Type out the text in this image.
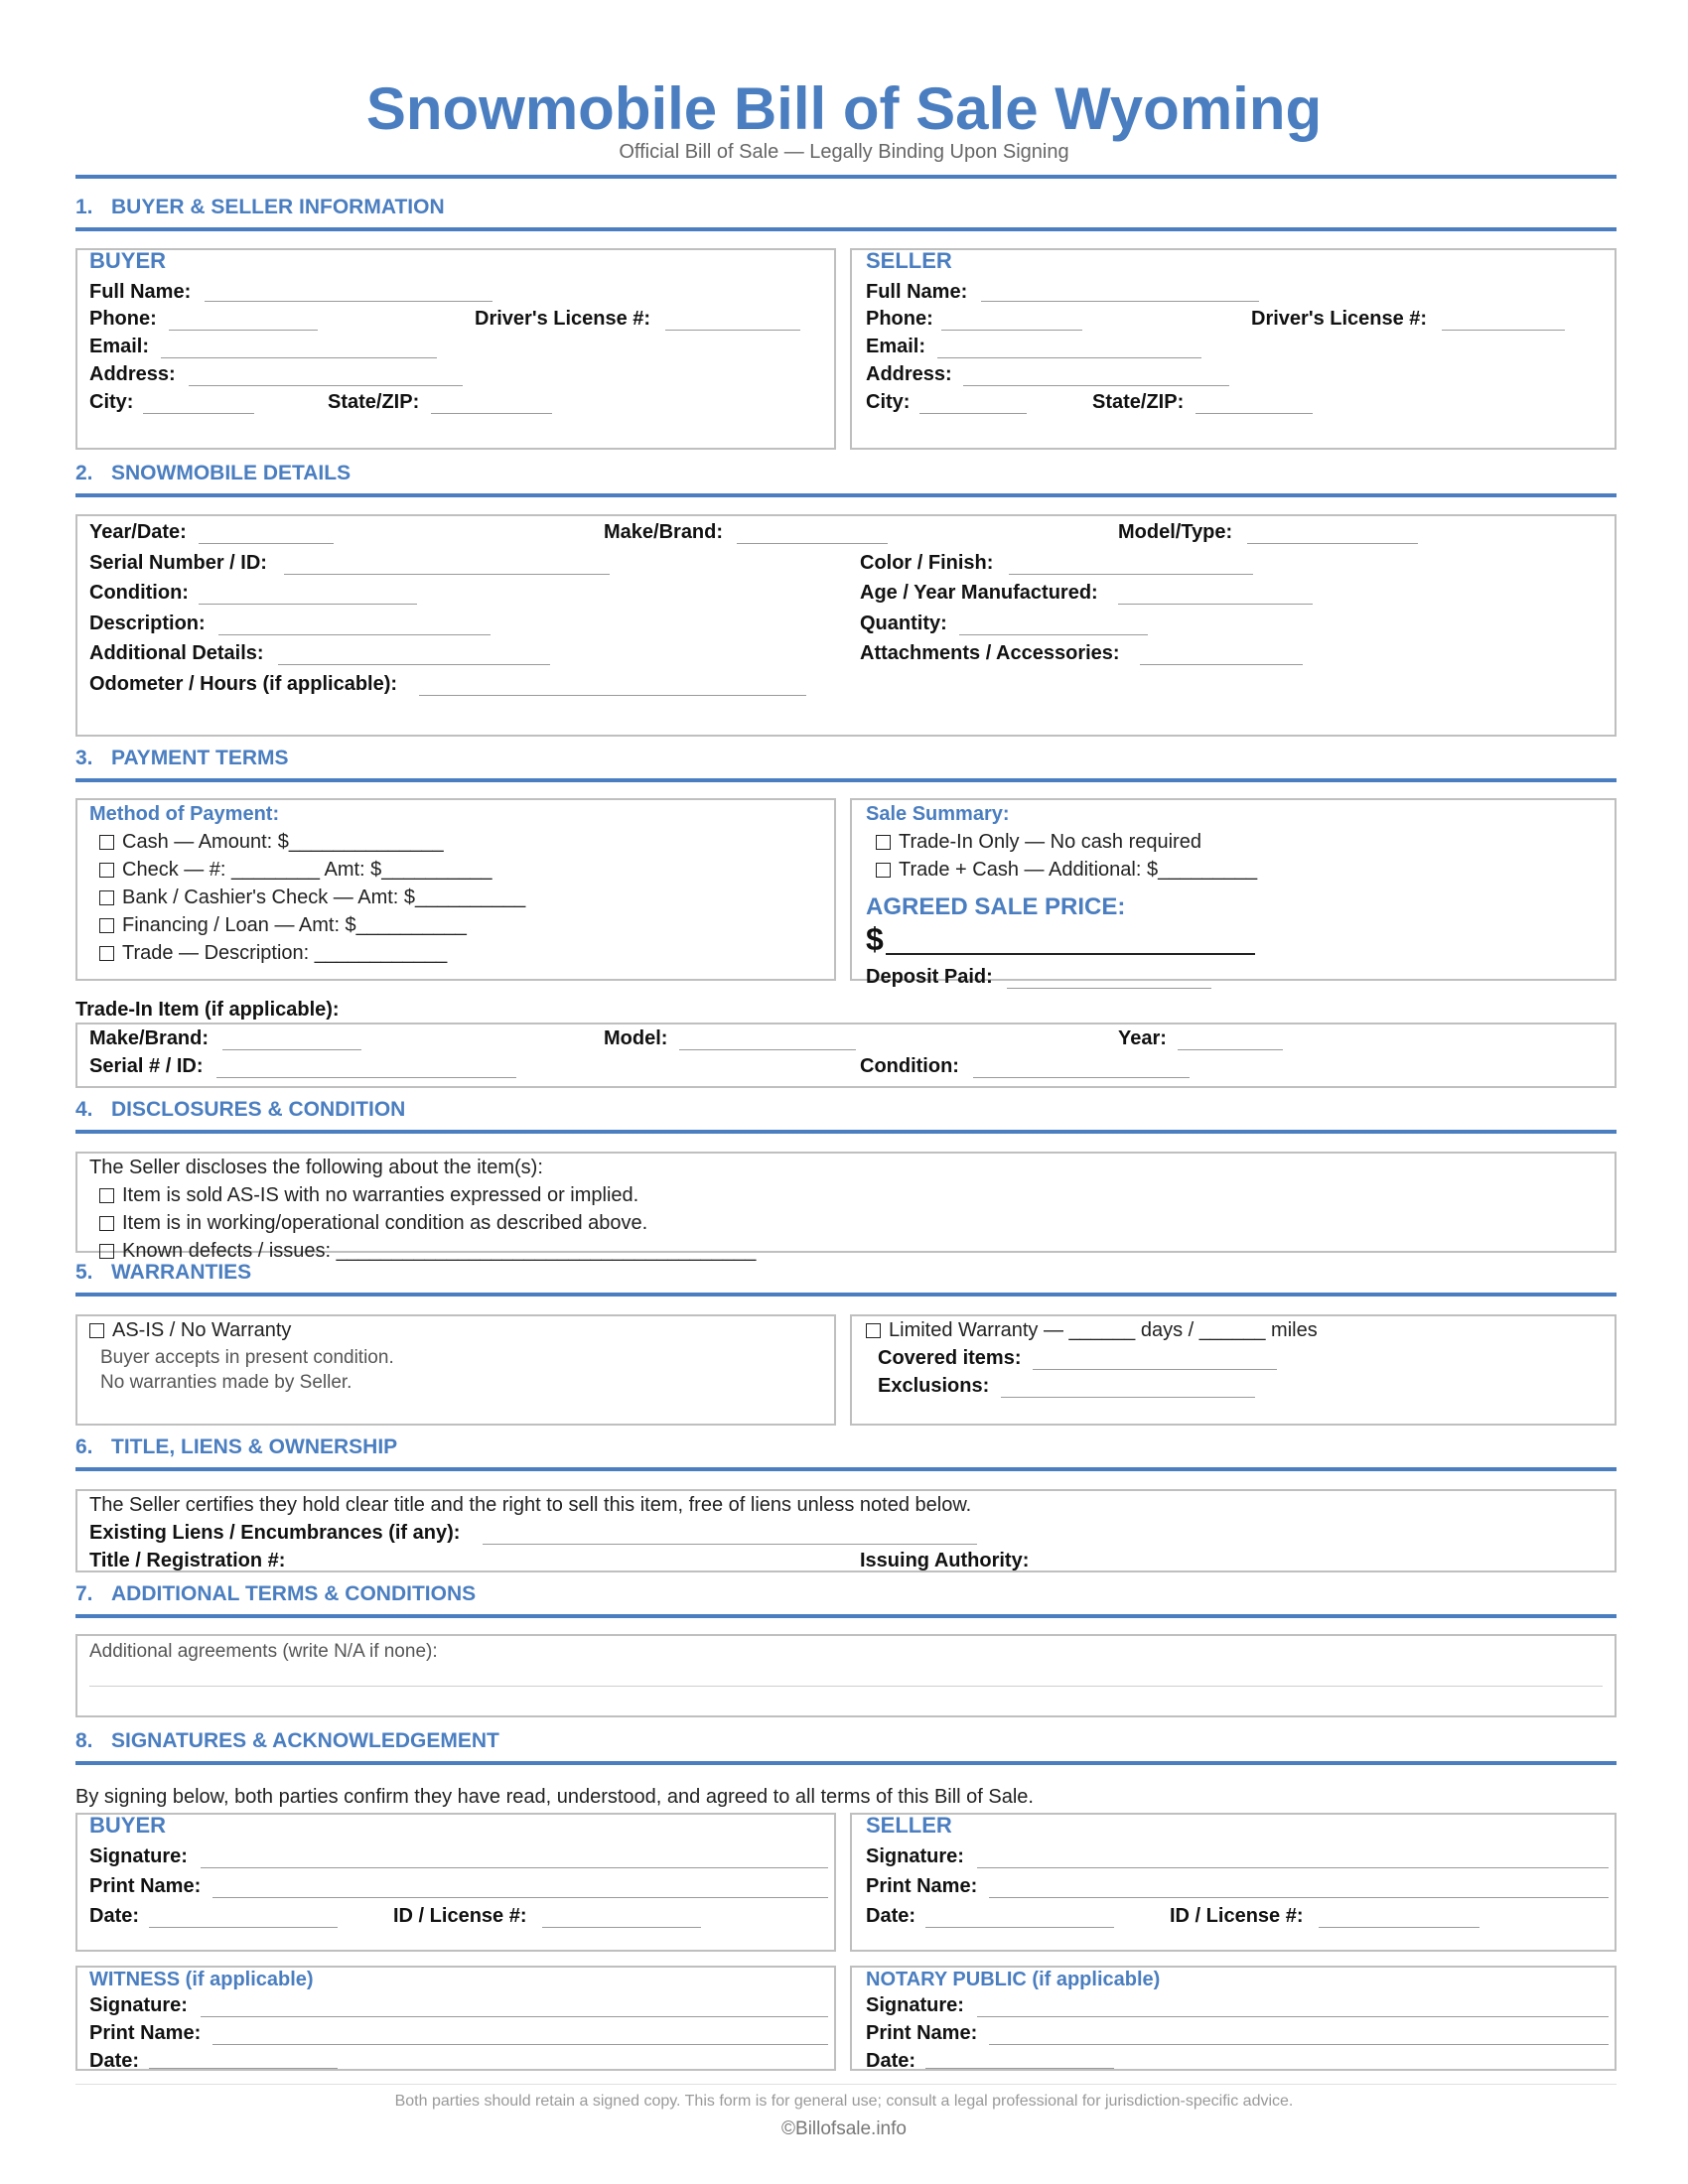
Snowmobile Bill of Sale Wyoming
Official Bill of Sale — Legally Binding Upon Signing
1. BUYER & SELLER INFORMATION
BUYER
Full Name:
Phone:	Driver's License #:
Email:
Address:
City:	State/ZIP:
SELLER
Full Name:
Phone:	Driver's License #:
Email:
Address:
City:	State/ZIP:
2. SNOWMOBILE DETAILS
Year/Date:	Make/Brand:	Model/Type:
Serial Number / ID:	Color / Finish:
Condition:	Age / Year Manufactured:
Description:	Quantity:
Additional Details:	Attachments / Accessories:
Odometer / Hours (if applicable):
3. PAYMENT TERMS
Method of Payment:
Cash — Amount: $______________
Check — #: ________ Amt: $__________
Bank / Cashier's Check — Amt: $__________
Financing / Loan — Amt: $__________
Trade — Description: ____________
Sale Summary:
Trade-In Only — No cash required
Trade + Cash — Additional: $_________
AGREED SALE PRICE:
$
Deposit Paid:
Trade-In Item (if applicable):
Make/Brand:	Model:	Year:
Serial # / ID:	Condition:
4. DISCLOSURES & CONDITION
The Seller discloses the following about the item(s):
Item is sold AS-IS with no warranties expressed or implied.
Item is in working/operational condition as described above.
Known defects / issues: ______________________________________
5. WARRANTIES
AS-IS / No Warranty
Buyer accepts in present condition.
No warranties made by Seller.
Limited Warranty — ______ days / ______ miles
Covered items:
Exclusions:
6. TITLE, LIENS & OWNERSHIP
The Seller certifies they hold clear title and the right to sell this item, free of liens unless noted below.
Existing Liens / Encumbrances (if any):
Title / Registration #:	Issuing Authority:
7. ADDITIONAL TERMS & CONDITIONS
Additional agreements (write N/A if none):
8. SIGNATURES & ACKNOWLEDGEMENT
By signing below, both parties confirm they have read, understood, and agreed to all terms of this Bill of Sale.
BUYER
Signature:
Print Name:
Date:	ID / License #:
SELLER
Signature:
Print Name:
Date:	ID / License #:
WITNESS (if applicable)
Signature:
Print Name:
Date:
NOTARY PUBLIC (if applicable)
Signature:
Print Name:
Date:
Both parties should retain a signed copy. This form is for general use; consult a legal professional for jurisdiction-specific advice.
©Billofsale.info
